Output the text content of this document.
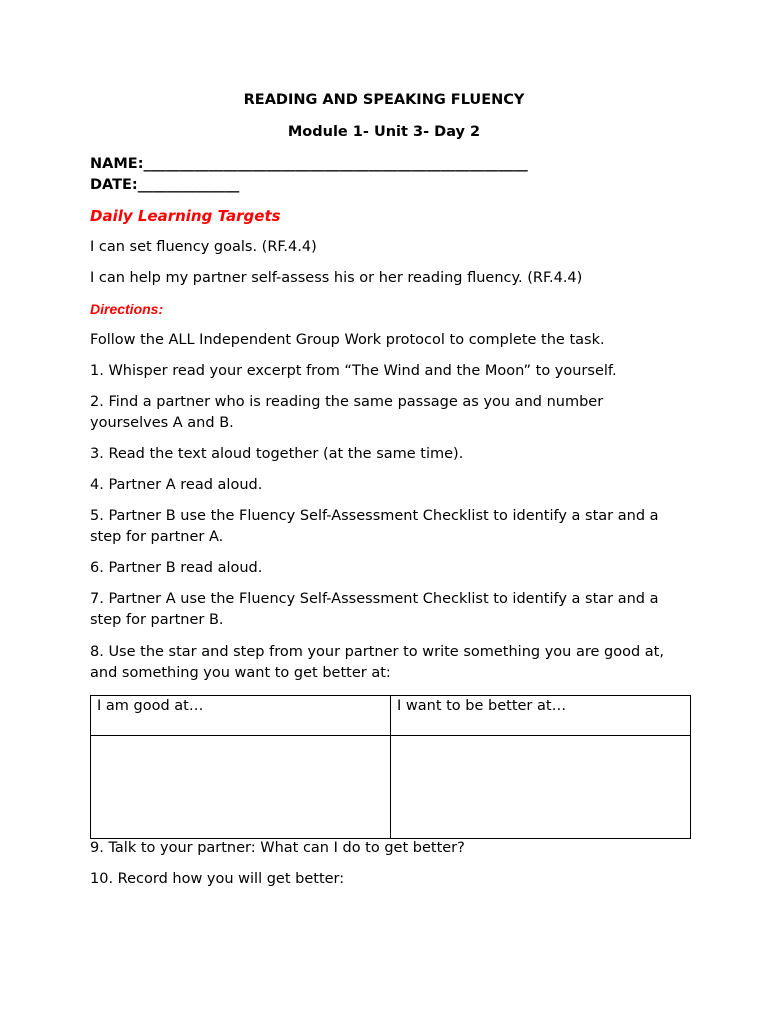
READING AND SPEAKING FLUENCY
Module 1- Unit 3- Day 2
NAME:_____________________________________________________
DATE:______________
Daily Learning Targets
I can set fluency goals. (RF.4.4)
I can help my partner self-assess his or her reading fluency. (RF.4.4)
Directions:
Follow the ALL Independent Group Work protocol to complete the task.
1. Whisper read your excerpt from “The Wind and the Moon” to yourself.
2. Find a partner who is reading the same passage as you and number yourselves A and B.
3. Read the text aloud together (at the same time).
4. Partner A read aloud.
5. Partner B use the Fluency Self-Assessment Checklist to identify a star and a step for partner A.
6. Partner B read aloud.
7. Partner A use the Fluency Self-Assessment Checklist to identify a star and a step for partner B.
8. Use the star and step from your partner to write something you are good at, and something you want to get better at:
I am good at…	I want to be better at…

9. Talk to your partner: What can I do to get better?
10. Record how you will get better:
